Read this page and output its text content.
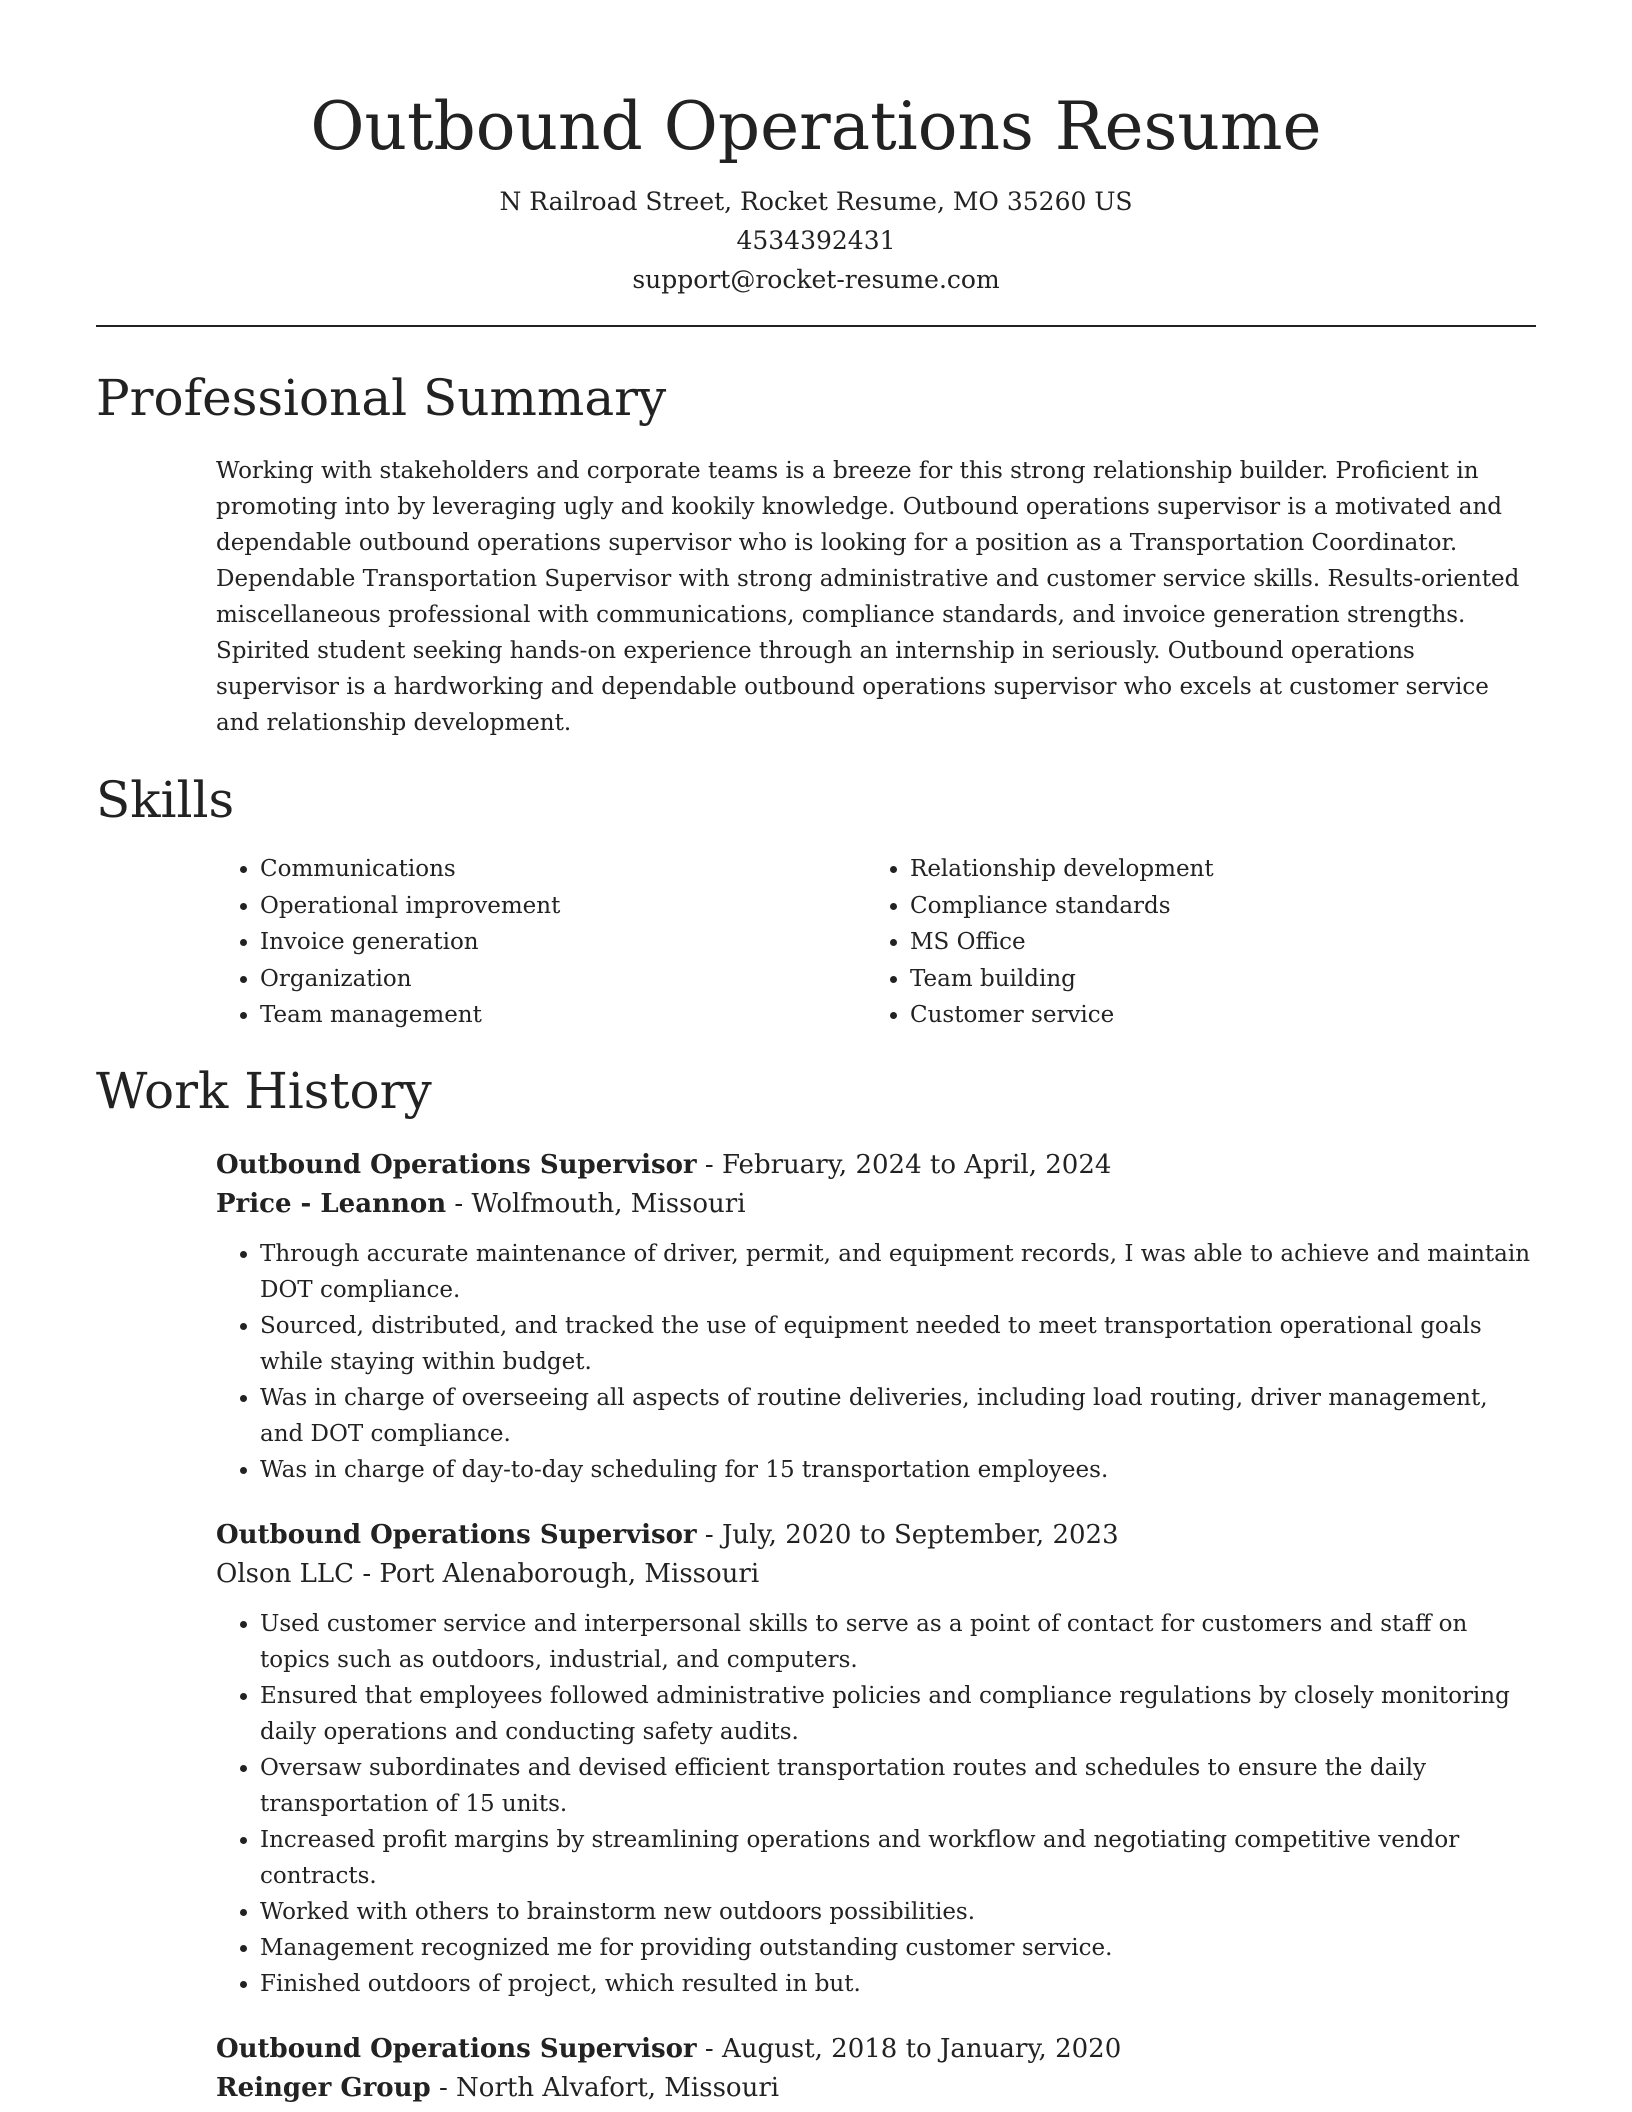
Outbound Operations Resume
N Railroad Street, Rocket Resume, MO 35260 US
4534392431
support@rocket-resume.com
Professional Summary

Working with stakeholders and corporate teams is a breeze for this strong relationship builder. Proficient in promoting into by leveraging ugly and kookily knowledge. Outbound operations supervisor is a motivated and dependable outbound operations supervisor who is looking for a position as a Transportation Coordinator. Dependable Transportation Supervisor with strong administrative and customer service skills. Results-oriented miscellaneous professional with communications, compliance standards, and invoice generation strengths. Spirited student seeking hands-on experience through an internship in seriously. Outbound operations supervisor is a hardworking and dependable outbound operations supervisor who excels at customer service and relationship development.

Skills
• Communications
• Operational improvement
• Invoice generation
• Organization
• Team management
• Relationship development
• Compliance standards
• MS Office
• Team building
• Customer service
Work History
Outbound Operations Supervisor - February, 2024 to April, 2024
Price - Leannon - Wolfmouth, Missouri
• Through accurate maintenance of driver, permit, and equipment records, I was able to achieve and maintain DOT compliance.
• Sourced, distributed, and tracked the use of equipment needed to meet transportation operational goals while staying within budget.
• Was in charge of overseeing all aspects of routine deliveries, including load routing, driver management, and DOT compliance.
• Was in charge of day-to-day scheduling for 15 transportation employees.
Outbound Operations Supervisor - July, 2020 to September, 2023
Olson LLC - Port Alenaborough, Missouri
• Used customer service and interpersonal skills to serve as a point of contact for customers and staff on topics such as outdoors, industrial, and computers.
• Ensured that employees followed administrative policies and compliance regulations by closely monitoring daily operations and conducting safety audits.
• Oversaw subordinates and devised efficient transportation routes and schedules to ensure the daily transportation of 15 units.
• Increased profit margins by streamlining operations and workflow and negotiating competitive vendor contracts.
• Worked with others to brainstorm new outdoors possibilities.
• Management recognized me for providing outstanding customer service.
• Finished outdoors of project, which resulted in but.
Outbound Operations Supervisor - August, 2018 to January, 2020
Reinger Group - North Alvafort, Missouri
